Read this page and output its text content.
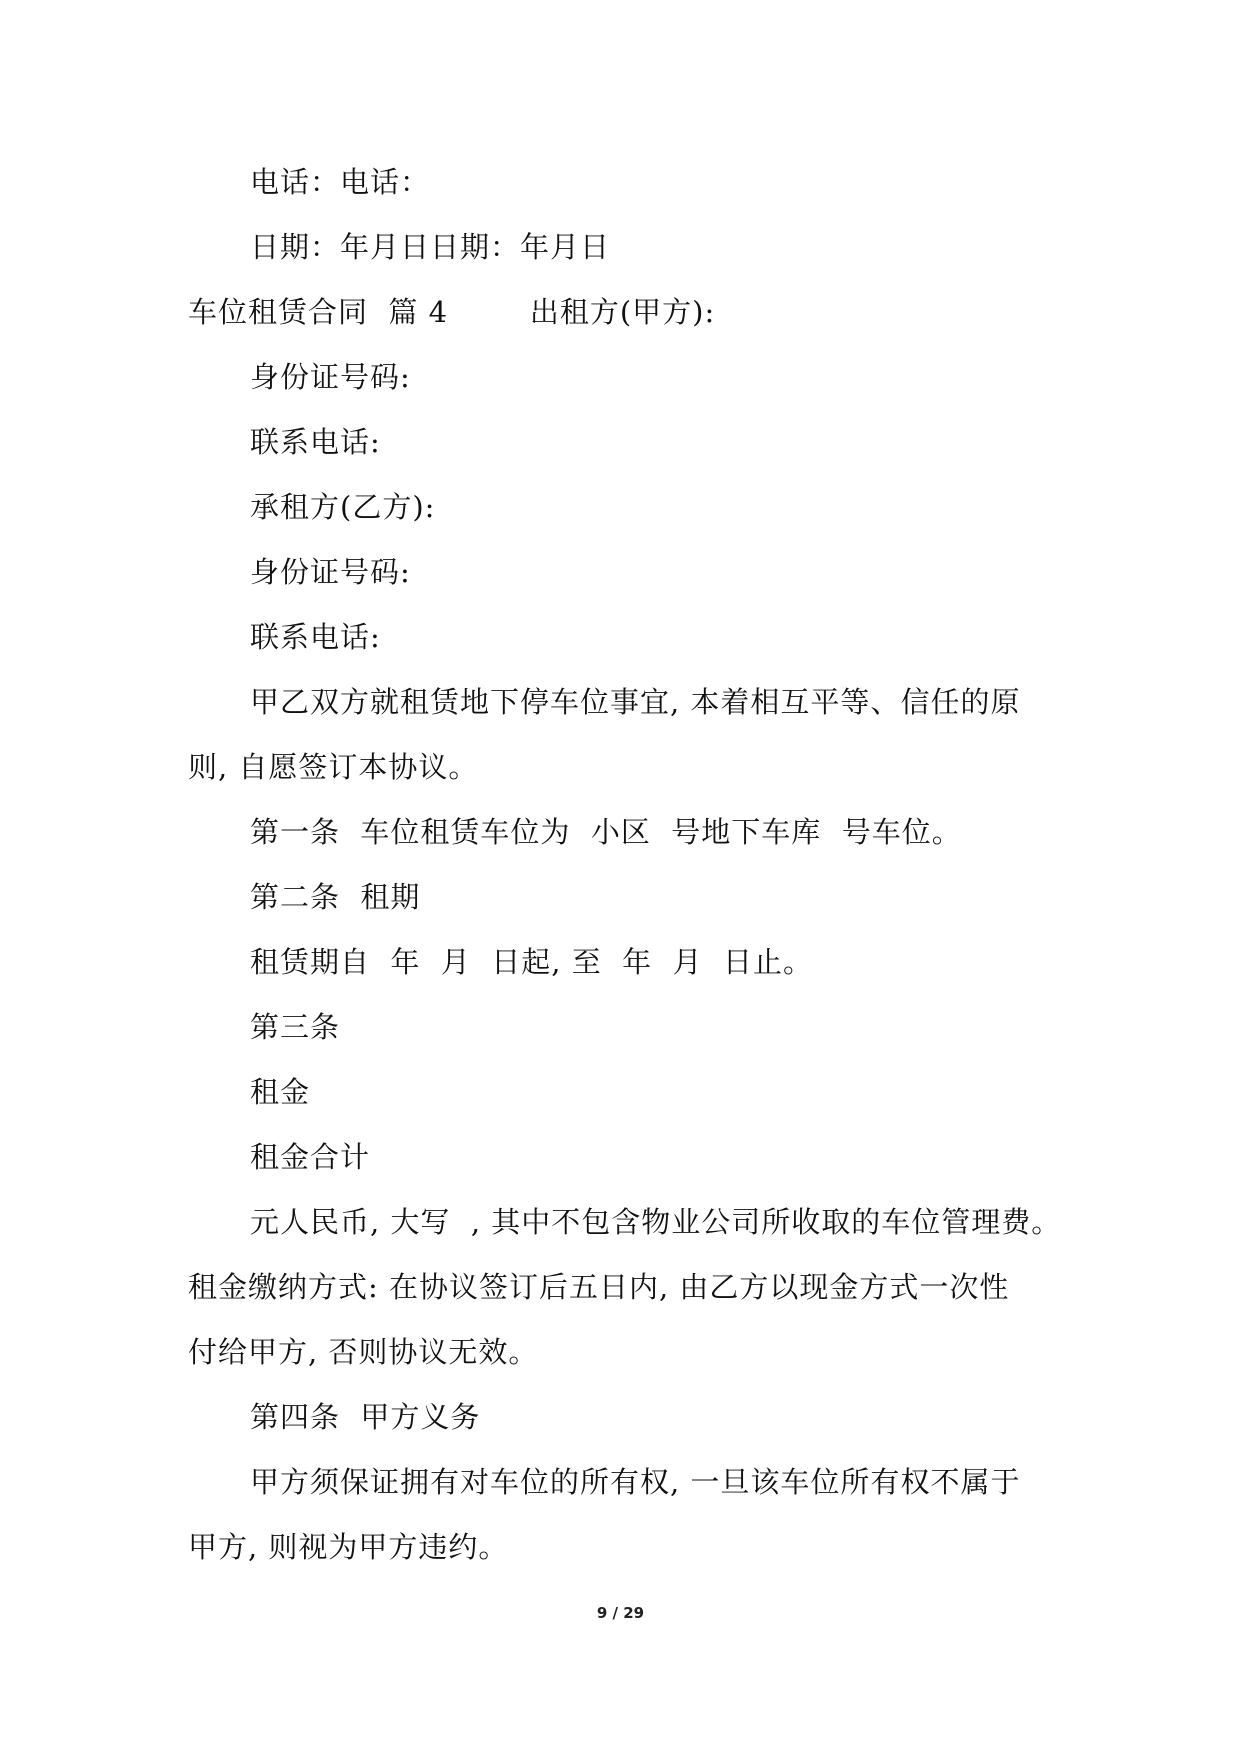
电话：电话：
日期：年月日日期：年月日
车位租赁合同  篇 4        出租方(甲方):
身份证号码:
联系电话:
承租方(乙方):
身份证号码:
联系电话:
甲乙双方就租赁地下停车位事宜, 本着相互平等、信任的原
则, 自愿签订本协议。
第一条  车位租赁车位为  小区  号地下车库  号车位。
第二条  租期
租赁期自  年  月  日起, 至  年  月  日止。
第三条
租金
租金合计
元人民币, 大写  , 其中不包含物业公司所收取的车位管理费。
租金缴纳方式: 在协议签订后五日内, 由乙方以现金方式一次性
付给甲方, 否则协议无效。
第四条  甲方义务
甲方须保证拥有对车位的所有权, 一旦该车位所有权不属于
甲方, 则视为甲方违约。
9 / 29
